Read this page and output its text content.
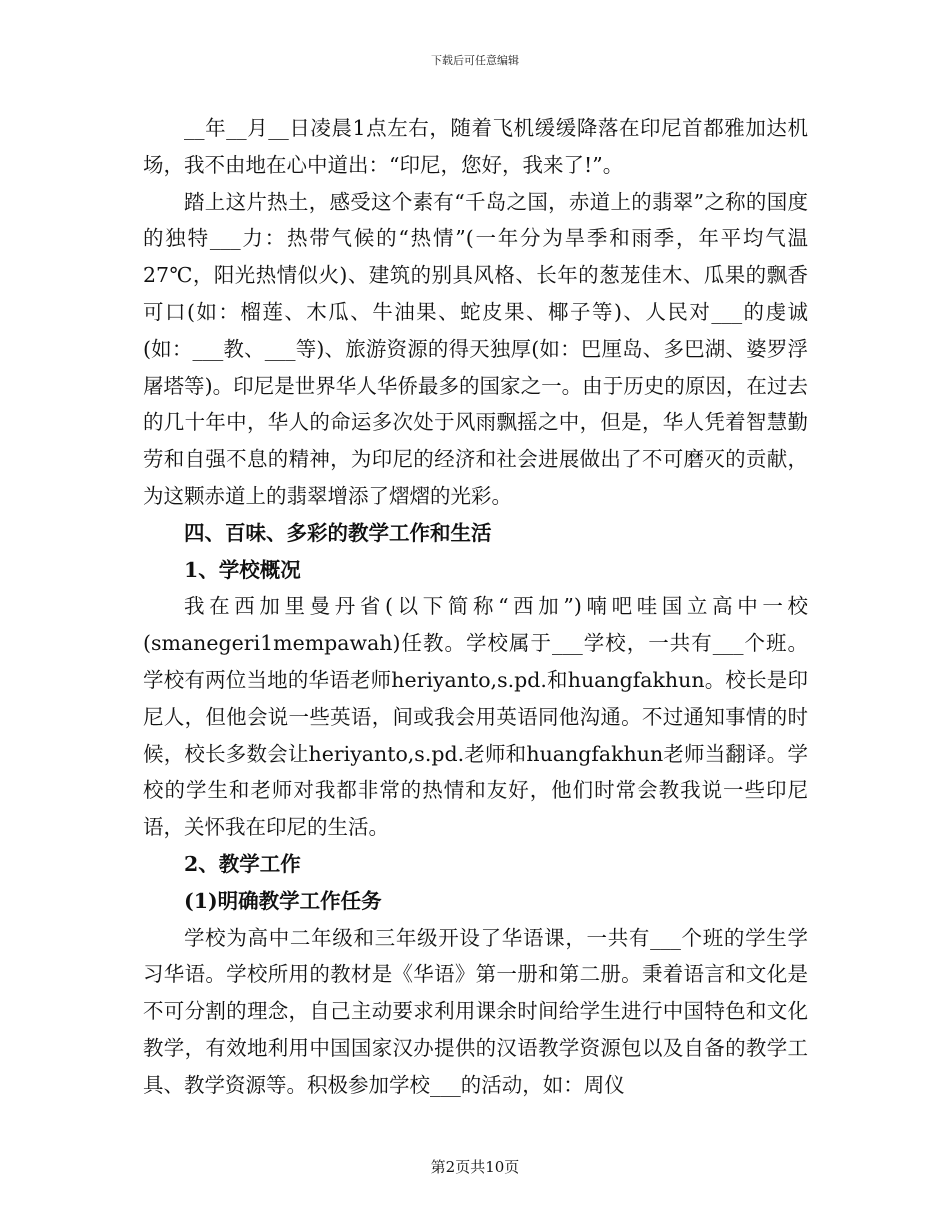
下载后可任意编辑

__年__月__日凌晨1点左右，随着飞机缓缓降落在印尼首都雅加达机场，我不由地在心中道出：“印尼，您好，我来了!”。

踏上这片热土，感受这个素有“千岛之国，赤道上的翡翠”之称的国度的独特___力：热带气候的“热情”(一年分为旱季和雨季，年平均气温27℃，阳光热情似火)、建筑的别具风格、长年的葱茏佳木、瓜果的飘香可口(如：榴莲、木瓜、牛油果、蛇皮果、椰子等)、人民对___的虔诚(如：___教、___等)、旅游资源的得天独厚(如：巴厘岛、多巴湖、婆罗浮屠塔等)。印尼是世界华人华侨最多的国家之一。由于历史的原因，在过去的几十年中，华人的命运多次处于风雨飘摇之中，但是，华人凭着智慧勤劳和自强不息的精神，为印尼的经济和社会进展做出了不可磨灭的贡献，为这颗赤道上的翡翠增添了熠熠的光彩。

四、百味、多彩的教学工作和生活

1、学校概况

我在西加里曼丹省(以下简称“西加”)喃吧哇国立高中一校(smanegeri1mempawah)任教。学校属于___学校，一共有___个班。学校有两位当地的华语老师heriyanto,s.pd.和huangfakhun。校长是印尼人，但他会说一些英语，间或我会用英语同他沟通。不过通知事情的时候，校长多数会让heriyanto,s.pd.老师和huangfakhun老师当翻译。学校的学生和老师对我都非常的热情和友好，他们时常会教我说一些印尼语，关怀我在印尼的生活。

2、教学工作

(1)明确教学工作任务

学校为高中二年级和三年级开设了华语课，一共有___个班的学生学习华语。学校所用的教材是《华语》第一册和第二册。秉着语言和文化是不可分割的理念，自己主动要求利用课余时间给学生进行中国特色和文化教学，有效地利用中国国家汉办提供的汉语教学资源包以及自备的教学工具、教学资源等。积极参加学校___的活动，如：周仪

第2页共10页
